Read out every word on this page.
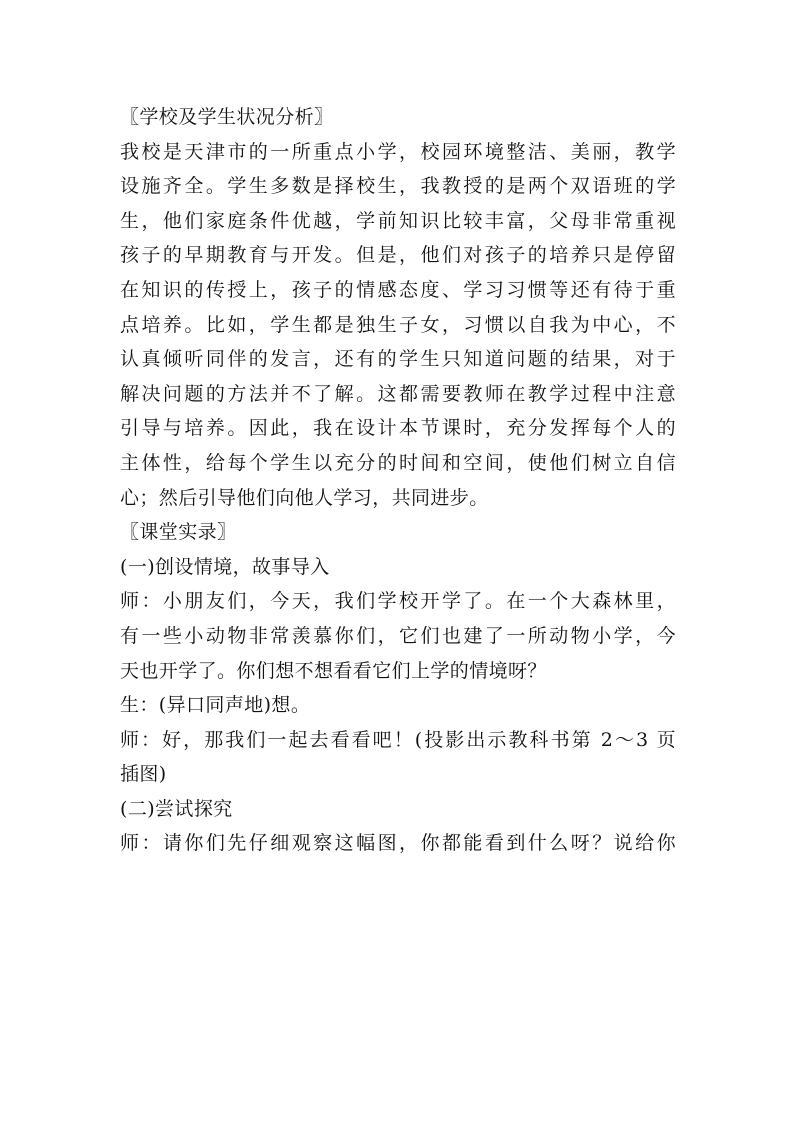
〖学校及学生状况分析〗
我校是天津市的一所重点小学，校园环境整洁、美丽，教学
设施齐全。学生多数是择校生，我教授的是两个双语班的学
生，他们家庭条件优越，学前知识比较丰富，父母非常重视
孩子的早期教育与开发。但是，他们对孩子的培养只是停留
在知识的传授上，孩子的情感态度、学习习惯等还有待于重
点培养。比如，学生都是独生子女，习惯以自我为中心，不
认真倾听同伴的发言，还有的学生只知道问题的结果，对于
解决问题的方法并不了解。这都需要教师在教学过程中注意
引导与培养。因此，我在设计本节课时，充分发挥每个人的
主体性，给每个学生以充分的时间和空间，使他们树立自信
心；然后引导他们向他人学习，共同进步。
〖课堂实录〗
(一)创设情境，故事导入
师：小朋友们，今天，我们学校开学了。在一个大森林里，
有一些小动物非常羡慕你们，它们也建了一所动物小学，今
天也开学了。你们想不想看看它们上学的情境呀？
生：(异口同声地)想。
师：好，那我们一起去看看吧！(投影出示教科书第 2～3 页
插图)
(二)尝试探究
师：请你们先仔细观察这幅图，你都能看到什么呀？说给你
